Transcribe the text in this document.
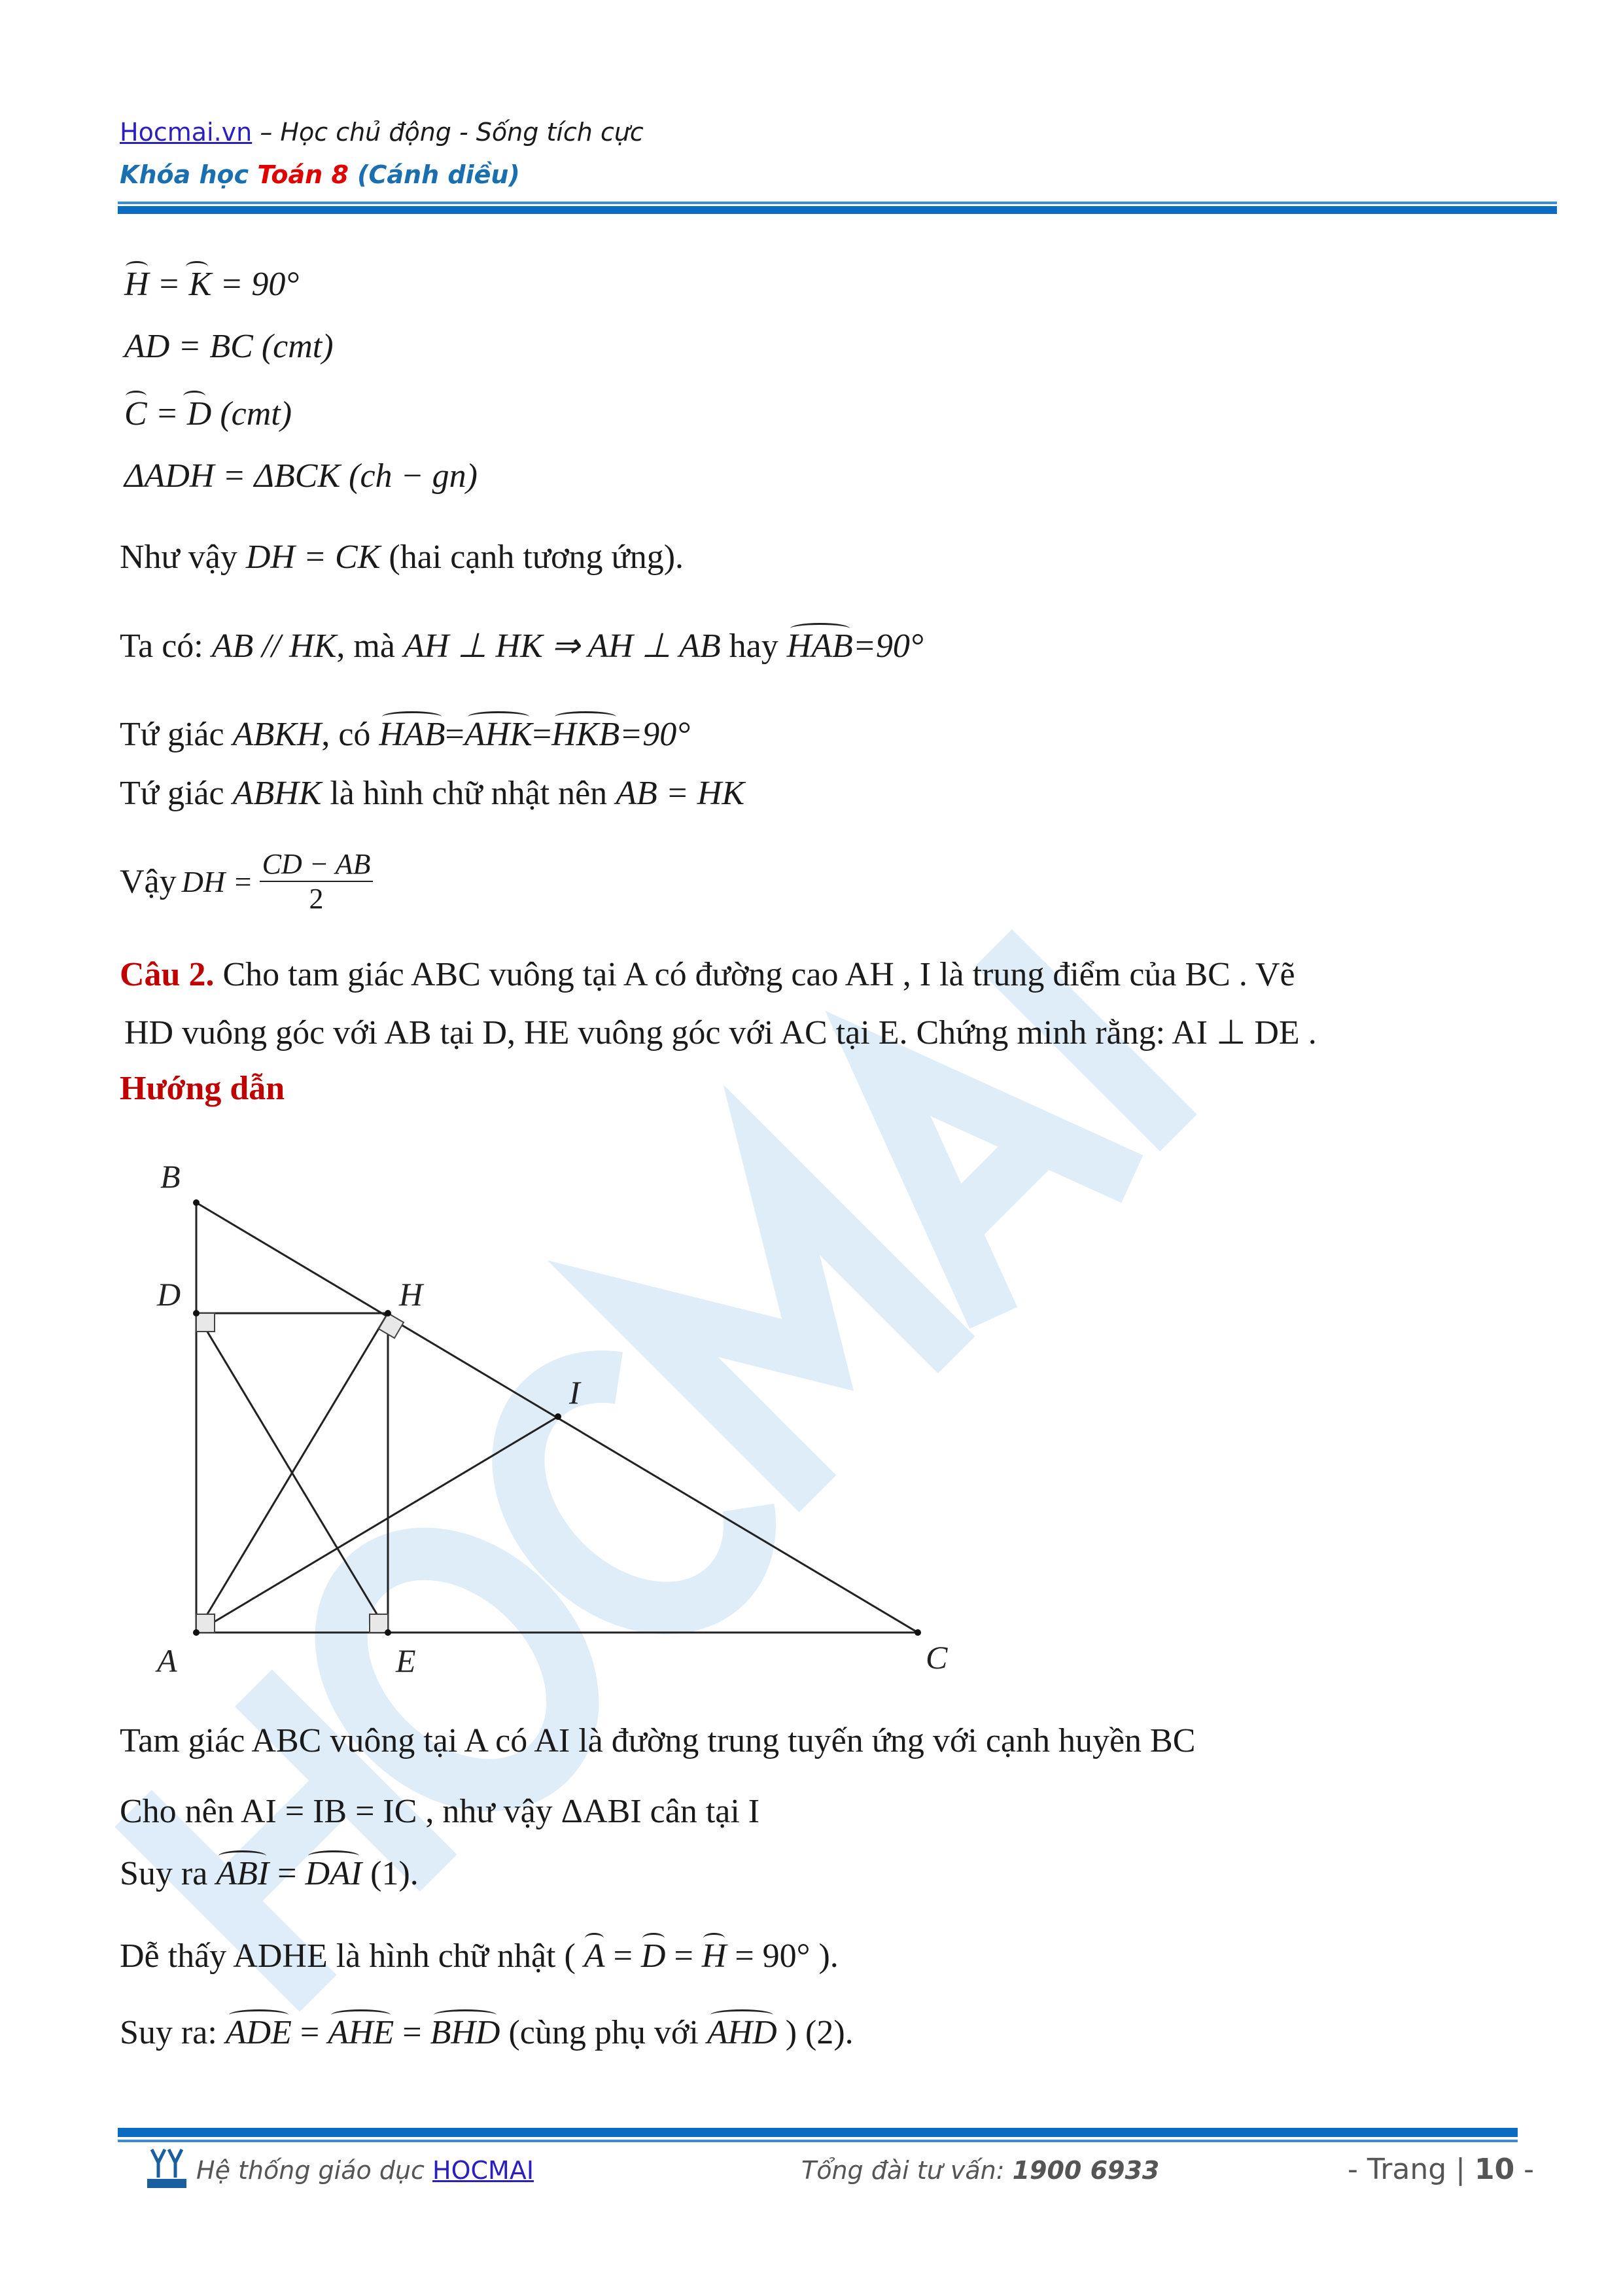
Hocmai.vn – Học chủ động - Sống tích cực
Khóa học Toán 8 (Cánh diều)
H = K = 90°
AD = BC (cmt)
C = D (cmt)
ΔADH = ΔBCK (ch − gn)
Như vậy DH = CK (hai cạnh tương ứng).
Ta có: AB // HK, mà AH ⊥ HK ⇒ AH ⊥ AB hay HAB=90°
Tứ giác ABKH, có HAB=AHK=HKB=90°
Tứ giác ABHK là hình chữ nhật nên AB = HK
Vậy DH = $\frac{CD - AB}{2}$
Câu 2. Cho tam giác ABC vuông tại A có đường cao AH , I là trung điểm của BC . Vẽ
HD vuông góc với AB tại D, HE vuông góc với AC tại E. Chứng minh rằng: AI ⊥ DE .
Hướng dẫn
B
D	H
I
A	E	C
Tam giác ABC vuông tại A có AI là đường trung tuyến ứng với cạnh huyền BC
Cho nên AI = IB = IC , như vậy ΔABI cân tại I
Suy ra ABI = DAI (1).
Dễ thấy ADHE là hình chữ nhật ( A = D = H = 90° ).
Suy ra: ADE = AHE = BHD (cùng phụ với AHD ) (2).
Hệ thống giáo dục HOCMAI	Tổng đài tư vấn: 1900 6933	- Trang | 10 -
